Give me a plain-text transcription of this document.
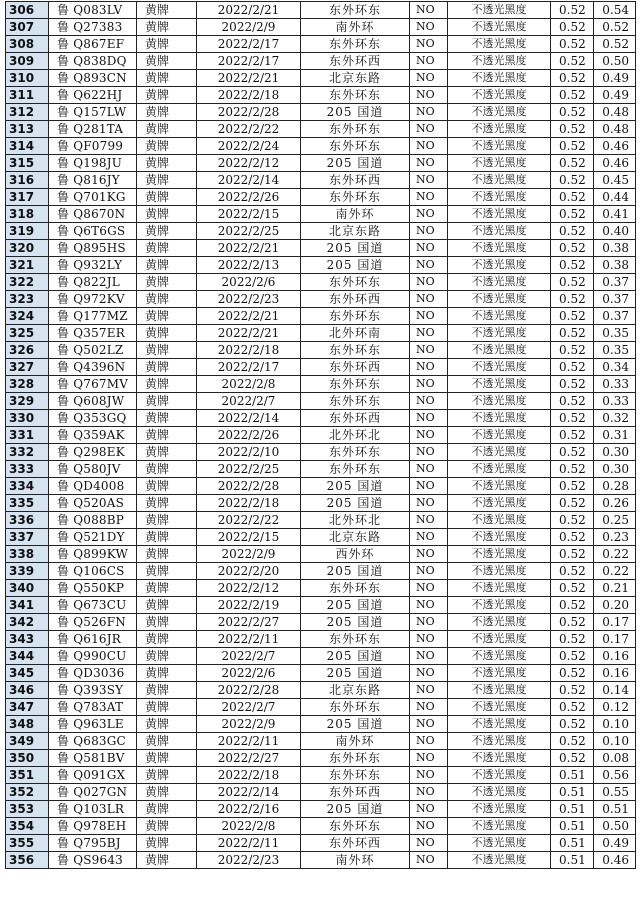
306	鲁 Q083LV	黄牌	2022/2/21	东外环东	NO	不透光黑度	0.52	0.54
307	鲁 Q27383	黄牌	2022/2/9	南外环	NO	不透光黑度	0.52	0.52
308	鲁 Q867EF	黄牌	2022/2/17	东外环东	NO	不透光黑度	0.52	0.52
309	鲁 Q838DQ	黄牌	2022/2/17	东外环西	NO	不透光黑度	0.52	0.50
310	鲁 Q893CN	黄牌	2022/2/21	北京东路	NO	不透光黑度	0.52	0.49
311	鲁 Q622HJ	黄牌	2022/2/18	东外环东	NO	不透光黑度	0.52	0.49
312	鲁 Q157LW	黄牌	2022/2/28	205 国道	NO	不透光黑度	0.52	0.48
313	鲁 Q281TA	黄牌	2022/2/22	东外环东	NO	不透光黑度	0.52	0.48
314	鲁 QF0799	黄牌	2022/2/24	东外环东	NO	不透光黑度	0.52	0.46
315	鲁 Q198JU	黄牌	2022/2/12	205 国道	NO	不透光黑度	0.52	0.46
316	鲁 Q816JY	黄牌	2022/2/14	东外环西	NO	不透光黑度	0.52	0.45
317	鲁 Q701KG	黄牌	2022/2/26	东外环东	NO	不透光黑度	0.52	0.44
318	鲁 Q8670N	黄牌	2022/2/15	南外环	NO	不透光黑度	0.52	0.41
319	鲁 Q6T6GS	黄牌	2022/2/25	北京东路	NO	不透光黑度	0.52	0.40
320	鲁 Q895HS	黄牌	2022/2/21	205 国道	NO	不透光黑度	0.52	0.38
321	鲁 Q932LY	黄牌	2022/2/13	205 国道	NO	不透光黑度	0.52	0.38
322	鲁 Q822JL	黄牌	2022/2/6	东外环东	NO	不透光黑度	0.52	0.37
323	鲁 Q972KV	黄牌	2022/2/23	东外环西	NO	不透光黑度	0.52	0.37
324	鲁 Q177MZ	黄牌	2022/2/21	东外环东	NO	不透光黑度	0.52	0.37
325	鲁 Q357ER	黄牌	2022/2/21	北外环南	NO	不透光黑度	0.52	0.35
326	鲁 Q502LZ	黄牌	2022/2/18	东外环东	NO	不透光黑度	0.52	0.35
327	鲁 Q4396N	黄牌	2022/2/17	东外环西	NO	不透光黑度	0.52	0.34
328	鲁 Q767MV	黄牌	2022/2/8	东外环东	NO	不透光黑度	0.52	0.33
329	鲁 Q608JW	黄牌	2022/2/7	东外环东	NO	不透光黑度	0.52	0.33
330	鲁 Q353GQ	黄牌	2022/2/14	东外环西	NO	不透光黑度	0.52	0.32
331	鲁 Q359AK	黄牌	2022/2/26	北外环北	NO	不透光黑度	0.52	0.31
332	鲁 Q298EK	黄牌	2022/2/10	东外环东	NO	不透光黑度	0.52	0.30
333	鲁 Q580JV	黄牌	2022/2/25	东外环东	NO	不透光黑度	0.52	0.30
334	鲁 QD4008	黄牌	2022/2/28	205 国道	NO	不透光黑度	0.52	0.28
335	鲁 Q520AS	黄牌	2022/2/18	205 国道	NO	不透光黑度	0.52	0.26
336	鲁 Q088BP	黄牌	2022/2/22	北外环北	NO	不透光黑度	0.52	0.25
337	鲁 Q521DY	黄牌	2022/2/15	北京东路	NO	不透光黑度	0.52	0.23
338	鲁 Q899KW	黄牌	2022/2/9	西外环	NO	不透光黑度	0.52	0.22
339	鲁 Q106CS	黄牌	2022/2/20	205 国道	NO	不透光黑度	0.52	0.22
340	鲁 Q550KP	黄牌	2022/2/12	东外环东	NO	不透光黑度	0.52	0.21
341	鲁 Q673CU	黄牌	2022/2/19	205 国道	NO	不透光黑度	0.52	0.20
342	鲁 Q526FN	黄牌	2022/2/27	205 国道	NO	不透光黑度	0.52	0.17
343	鲁 Q616JR	黄牌	2022/2/11	东外环东	NO	不透光黑度	0.52	0.17
344	鲁 Q990CU	黄牌	2022/2/7	205 国道	NO	不透光黑度	0.52	0.16
345	鲁 QD3036	黄牌	2022/2/6	205 国道	NO	不透光黑度	0.52	0.16
346	鲁 Q393SY	黄牌	2022/2/28	北京东路	NO	不透光黑度	0.52	0.14
347	鲁 Q783AT	黄牌	2022/2/7	东外环东	NO	不透光黑度	0.52	0.12
348	鲁 Q963LE	黄牌	2022/2/9	205 国道	NO	不透光黑度	0.52	0.10
349	鲁 Q683GC	黄牌	2022/2/11	南外环	NO	不透光黑度	0.52	0.10
350	鲁 Q581BV	黄牌	2022/2/27	东外环东	NO	不透光黑度	0.52	0.08
351	鲁 Q091GX	黄牌	2022/2/18	东外环东	NO	不透光黑度	0.51	0.56
352	鲁 Q027GN	黄牌	2022/2/14	东外环西	NO	不透光黑度	0.51	0.55
353	鲁 Q103LR	黄牌	2022/2/16	205 国道	NO	不透光黑度	0.51	0.51
354	鲁 Q978EH	黄牌	2022/2/8	东外环东	NO	不透光黑度	0.51	0.50
355	鲁 Q795BJ	黄牌	2022/2/11	东外环西	NO	不透光黑度	0.51	0.49
356	鲁 QS9643	黄牌	2022/2/23	南外环	NO	不透光黑度	0.51	0.46
